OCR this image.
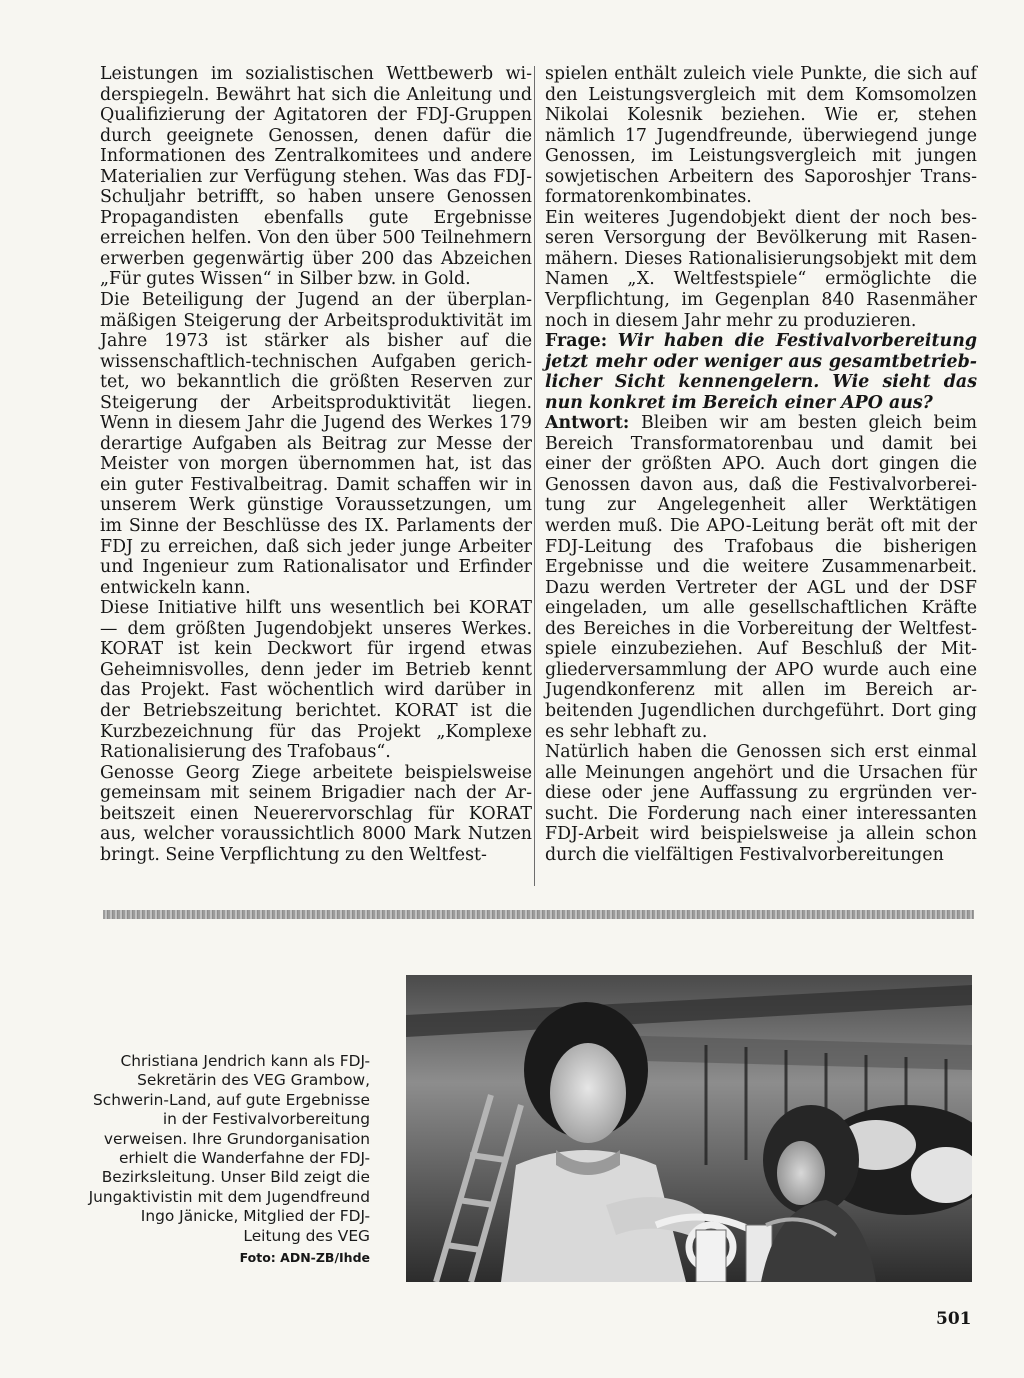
Leistungen im sozialistischen Wettbewerb widerspiegeln. Bewährt hat sich die Anleitung und Qualifizierung der Agitatoren der FDJ-Gruppen durch geeignete Genossen, denen dafür die Informationen des Zentralkomitees und andere Materialien zur Verfügung stehen. Was das FDJ-Schuljahr betrifft, so haben unsere Genossen Propagandisten ebenfalls gute Ergebnisse erreichen helfen. Von den über 500 Teilnehmern erwerben gegenwärtig über 200 das Abzeichen „Für gutes Wissen“ in Silber bzw. in Gold.

Die Beteiligung der Jugend an der überplanmäßigen Steigerung der Arbeitsproduktivität im Jahre 1973 ist stärker als bisher auf die wissenschaftlich-technischen Aufgaben gerichtet, wo bekanntlich die größten Reserven zur Steigerung der Arbeitsproduktivität liegen. Wenn in diesem Jahr die Jugend des Werkes 179 derartige Aufgaben als Beitrag zur Messe der Meister von morgen übernommen hat, ist das ein guter Festivalbeitrag. Damit schaffen wir in unserem Werk günstige Voraussetzungen, um im Sinne der Beschlüsse des IX. Parlaments der FDJ zu erreichen, daß sich jeder junge Arbeiter und Ingenieur zum Rationalisator und Erfinder entwickeln kann.

Diese Initiative hilft uns wesentlich bei KORAT — dem größten Jugendobjekt unseres Werkes. KORAT ist kein Deckwort für irgend etwas Geheimnisvolles, denn jeder im Betrieb kennt das Projekt. Fast wöchentlich wird darüber in der Betriebszeitung berichtet. KORAT ist die Kurzbezeichnung für das Projekt „Komplexe Rationalisierung des Trafobaus“.

Genosse Georg Ziege arbeitete beispielsweise gemeinsam mit seinem Brigadier nach der Arbeitszeit einen Neuerervorschlag für KORAT aus, welcher voraussichtlich 8000 Mark Nutzen bringt. Seine Verpflichtung zu den Weltfest-

spielen enthält zuleich viele Punkte, die sich auf den Leistungsvergleich mit dem Komsomolzen Nikolai Kolesnik beziehen. Wie er, stehen nämlich 17 Jugendfreunde, überwiegend junge Genossen, im Leistungsvergleich mit jungen sowjetischen Arbeitern des Saporoshjer Transformatorenkombinates.

Ein weiteres Jugendobjekt dient der noch besseren Versorgung der Bevölkerung mit Rasenmähern. Dieses Rationalisierungsobjekt mit dem Namen „X. Weltfestspiele“ ermöglichte die Verpflichtung, im Gegenplan 840 Rasenmäher noch in diesem Jahr mehr zu produzieren.

Frage: Wir haben die Festivalvorbereitung jetzt mehr oder weniger aus gesamtbetrieblicher Sicht kennengelern. Wie sieht das nun konkret im Bereich einer APO aus?

Antwort: Bleiben wir am besten gleich beim Bereich Transformatorenbau und damit bei einer der größten APO. Auch dort gingen die Genossen davon aus, daß die Festivalvorbereitung zur Angelegenheit aller Werktätigen werden muß. Die APO-Leitung berät oft mit der FDJ-Leitung des Trafobaus die bisherigen Ergebnisse und die weitere Zusammenarbeit. Dazu werden Vertreter der AGL und der DSF eingeladen, um alle gesellschaftlichen Kräfte des Bereiches in die Vorbereitung der Weltfestspiele einzubeziehen. Auf Beschluß der Mitgliederversammlung der APO wurde auch eine Jugendkonferenz mit allen im Bereich arbeitenden Jugendlichen durchgeführt. Dort ging es sehr lebhaft zu.

Natürlich haben die Genossen sich erst einmal alle Meinungen angehört und die Ursachen für diese oder jene Auffassung zu ergründen versucht. Die Forderung nach einer interessanten FDJ-Arbeit wird beispielsweise ja allein schon durch die vielfältigen Festivalvorbereitungen

Christiana Jendrich kann als FDJ-Sekretärin des VEG Grambow, Schwerin-Land, auf gute Ergebnisse in der Festivalvorbereitung verweisen. Ihre Grundorganisation erhielt die Wanderfahne der FDJ-Bezirksleitung. Unser Bild zeigt die Jungaktivistin mit dem Jugendfreund Ingo Jänicke, Mitglied der FDJ-Leitung des VEG
Foto: ADN-ZB/Ihde
501
